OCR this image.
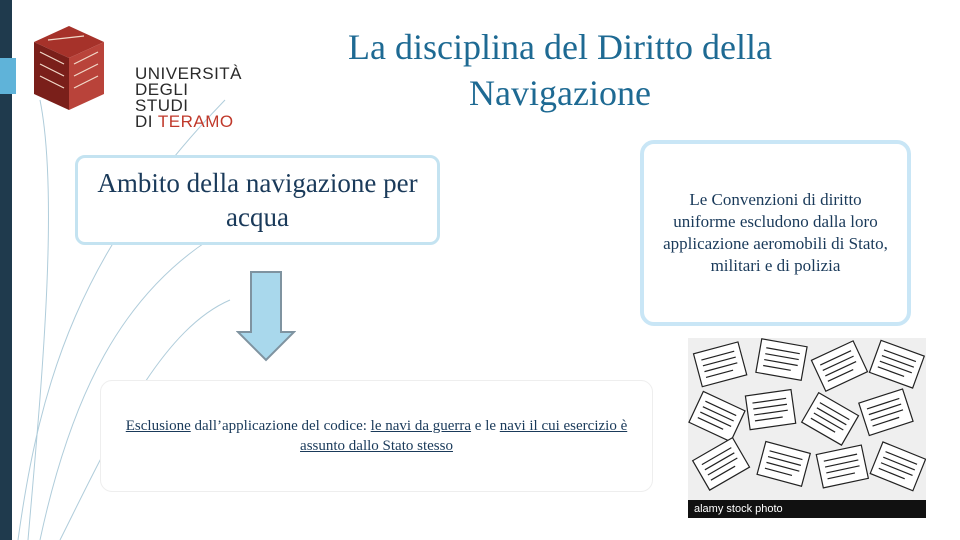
UNIVERSITÀ
DEGLI STUDI
DI TERAMO
La disciplina del Diritto della Navigazione
Ambito della navigazione per acqua
Esclusione dall’applicazione del codice: le navi da guerra e le navi il cui esercizio è assunto dallo Stato stesso
Le Convenzioni di diritto uniforme escludono dalla loro applicazione aeromobili di Stato, militari e di polizia
alamy stock photo
